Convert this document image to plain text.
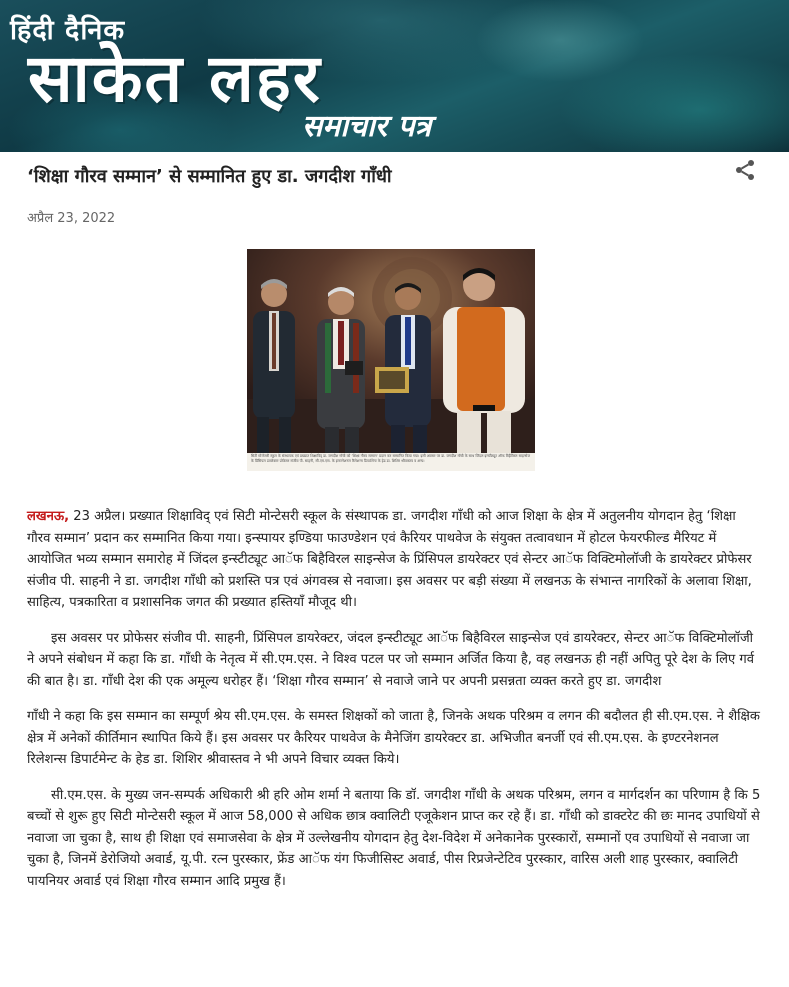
हिंदी दैनिक
साकेत लहर
समाचार पत्र
‘शिक्षा गौरव सम्मान’ से सम्मानित हुए डा. जगदीश गाँधी
अप्रैल 23, 2022
सिटी मोन्टेसरी स्कूल के संस्थापक एवं प्रख्यात शिक्षाविद् डा. जगदीश गाँधी को ‘शिक्षा गौरव सम्मान’ प्रदान कर सम्मानित किया गया। इसी अवसर पर डा. जगदीश गाँधी के साथ जिंदल इन्स्टीट्यूट ऑफ बिहैविरल साइन्सेज के प्रिंसिपल डायरेक्टर प्रोफेसर संजीव पी. साहनी, सी.एम.एस. के इन्टरनेशनल रिलेशन्स डिपार्टमेन्ट के हेड डा. शिशिर श्रीवास्तव व अन्य।

लखनऊ, 23 अप्रैल। प्रख्यात शिक्षाविद् एवं सिटी मोन्टेसरी स्कूल के संस्थापक डा. जगदीश गाँधी को आज शिक्षा के क्षेत्र में अतुलनीय योगदान हेतु ‘शिक्षा गौरव सम्मान’ प्रदान कर सम्मानित किया गया। इन्स्पायर इण्डिया फाउण्डेशन एवं कैरियर पाथवेज के संयुक्त तत्वावधान में होटल फेयरफील्ड मैरियट में आयोजित भव्य सम्मान समारोह में जिंदल इन्स्टीट्यूट आॅफ बिहैविरल साइन्सेज के प्रिंसिपल डायरेक्टर एवं सेन्टर आॅफ विक्टिमोलॉजी के डायरेक्टर प्रोफेसर संजीव पी. साहनी ने डा. जगदीश गाँधी को प्रशस्ति पत्र एवं अंगवस्त्र से नवाजा। इस अवसर पर बड़ी संख्या में लखनऊ के संभान्त नागरिकों के अलावा शिक्षा, साहित्य, पत्रकारिता व प्रशासनिक जगत की प्रख्यात हस्तियाँ मौजूद थी।

इस अवसर पर प्रोफेसर संजीव पी. साहनी, प्रिंसिपल डायरेक्टर, जंदल इन्स्टीट्यूट आॅफ बिहैविरल साइन्सेज एवं डायरेक्टर, सेन्टर आॅफ विक्टिमोलॉजी ने अपने संबोधन में कहा कि डा. गाँधी के नेतृत्व में सी.एम.एस. ने विश्व पटल पर जो सम्मान अर्जित किया है, वह लखनऊ ही नहीं अपितु पूरे देश के लिए गर्व की बात है। डा. गाँधी देश की एक अमूल्य धरोहर हैं। ‘शिक्षा गौरव सम्मान’ से नवाजे जाने पर अपनी प्रसन्नता व्यक्त करते हुए डा. जगदीश

गाँधी ने कहा कि इस सम्मान का सम्पूर्ण श्रेय सी.एम.एस. के समस्त शिक्षकों को जाता है, जिनके अथक परिश्रम व लगन की बदौलत ही सी.एम.एस. ने शैक्षिक क्षेत्र में अनेकों कीर्तिमान स्थापित किये हैं। इस अवसर पर कैरियर पाथवेज के मैनेजिंग डायरेक्टर डा. अभिजीत बनर्जी एवं सी.एम.एस. के इण्टरनेशनल रिलेशन्स डिपार्टमेन्ट के हेड डा. शिशिर श्रीवास्तव ने भी अपने विचार व्यक्त किये।

सी.एम.एस. के मुख्य जन-सम्पर्क अधिकारी श्री हरि ओम शर्मा ने बताया कि डॉ. जगदीश गाँधी के अथक परिश्रम, लगन व मार्गदर्शन का परिणाम है कि 5 बच्चों से शुरू हुए सिटी मोन्टेसरी स्कूल में आज 58,000 से अधिक छात्र क्वालिटी एजूकेशन प्राप्त कर रहे हैं। डा. गाँधी को डाक्टरेट की छः मानद उपाधियों से नवाजा जा चुका है, साथ ही शिक्षा एवं समाजसेवा के क्षेत्र में उल्लेखनीय योगदान हेतु देश-विदेश में अनेकानेक पुरस्कारों, सम्मानों एव उपाधियों से नवाजा जा चुका है, जिनमें डेरोजियो अवार्ड, यू.पी. रत्न पुरस्कार, फ्रेंड आॅफ यंग फिजीसिस्ट अवार्ड, पीस रिप्रजेन्टेटिव पुरस्कार, वारिस अली शाह पुरस्कार, क्वालिटी पायनियर अवार्ड एवं शिक्षा गौरव सम्मान आदि प्रमुख हैं।
